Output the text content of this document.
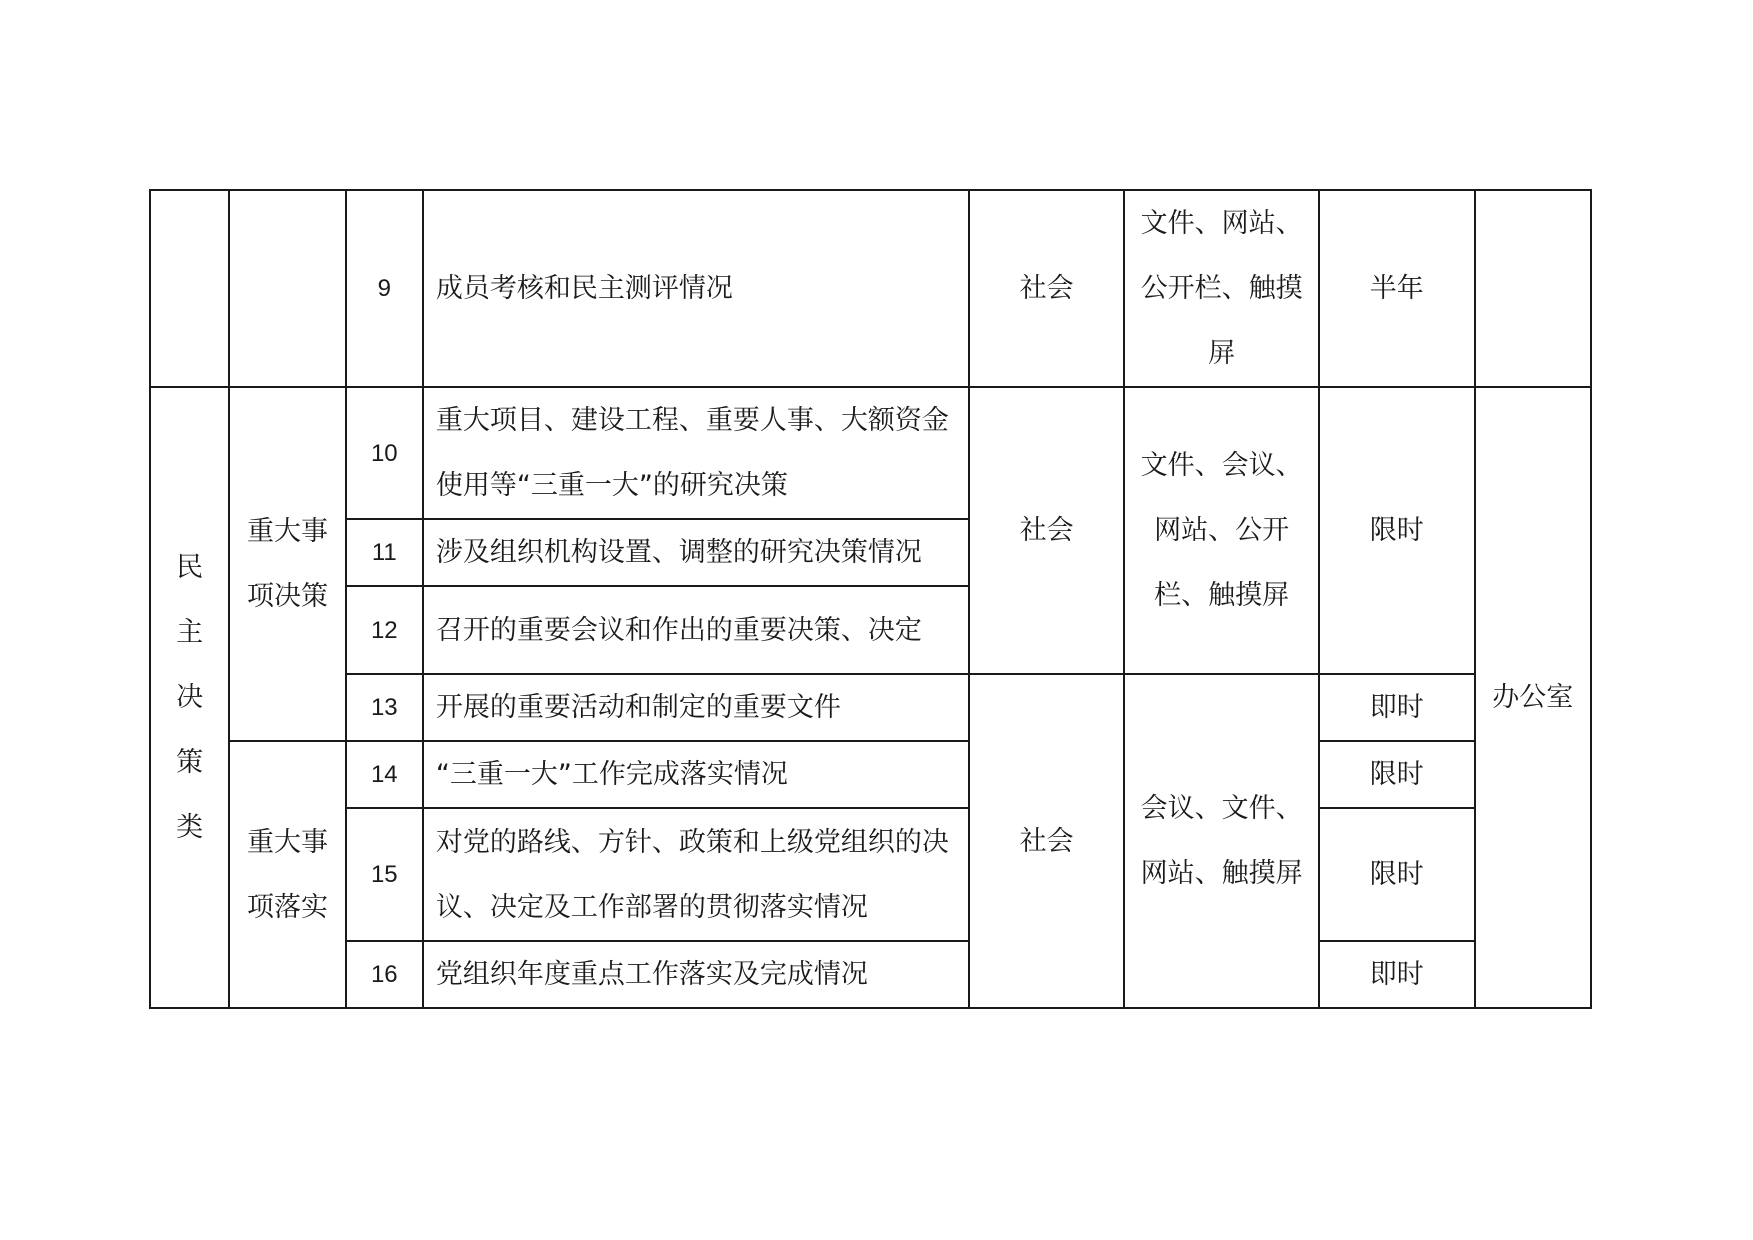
		9	成员考核和民主测评情况	社会	文件、网站、公开栏、触摸屏	半年	
民主决策类	重大事项决策	10	重大项目、建设工程、重要人事、大额资金使用等“三重一大”的研究决策	社会	文件、会议、网站、公开栏、触摸屏	限时	办公室
		11	涉及组织机构设置、调整的研究决策情况				
		12	召开的重要会议和作出的重要决策、决定				
		13	开展的重要活动和制定的重要文件	社会	会议、文件、网站、触摸屏	即时	
	重大事项落实	14	“三重一大”工作完成落实情况			限时	
		15	对党的路线、方针、政策和上级党组织的决议、决定及工作部署的贯彻落实情况			限时	
		16	党组织年度重点工作落实及完成情况			即时	
